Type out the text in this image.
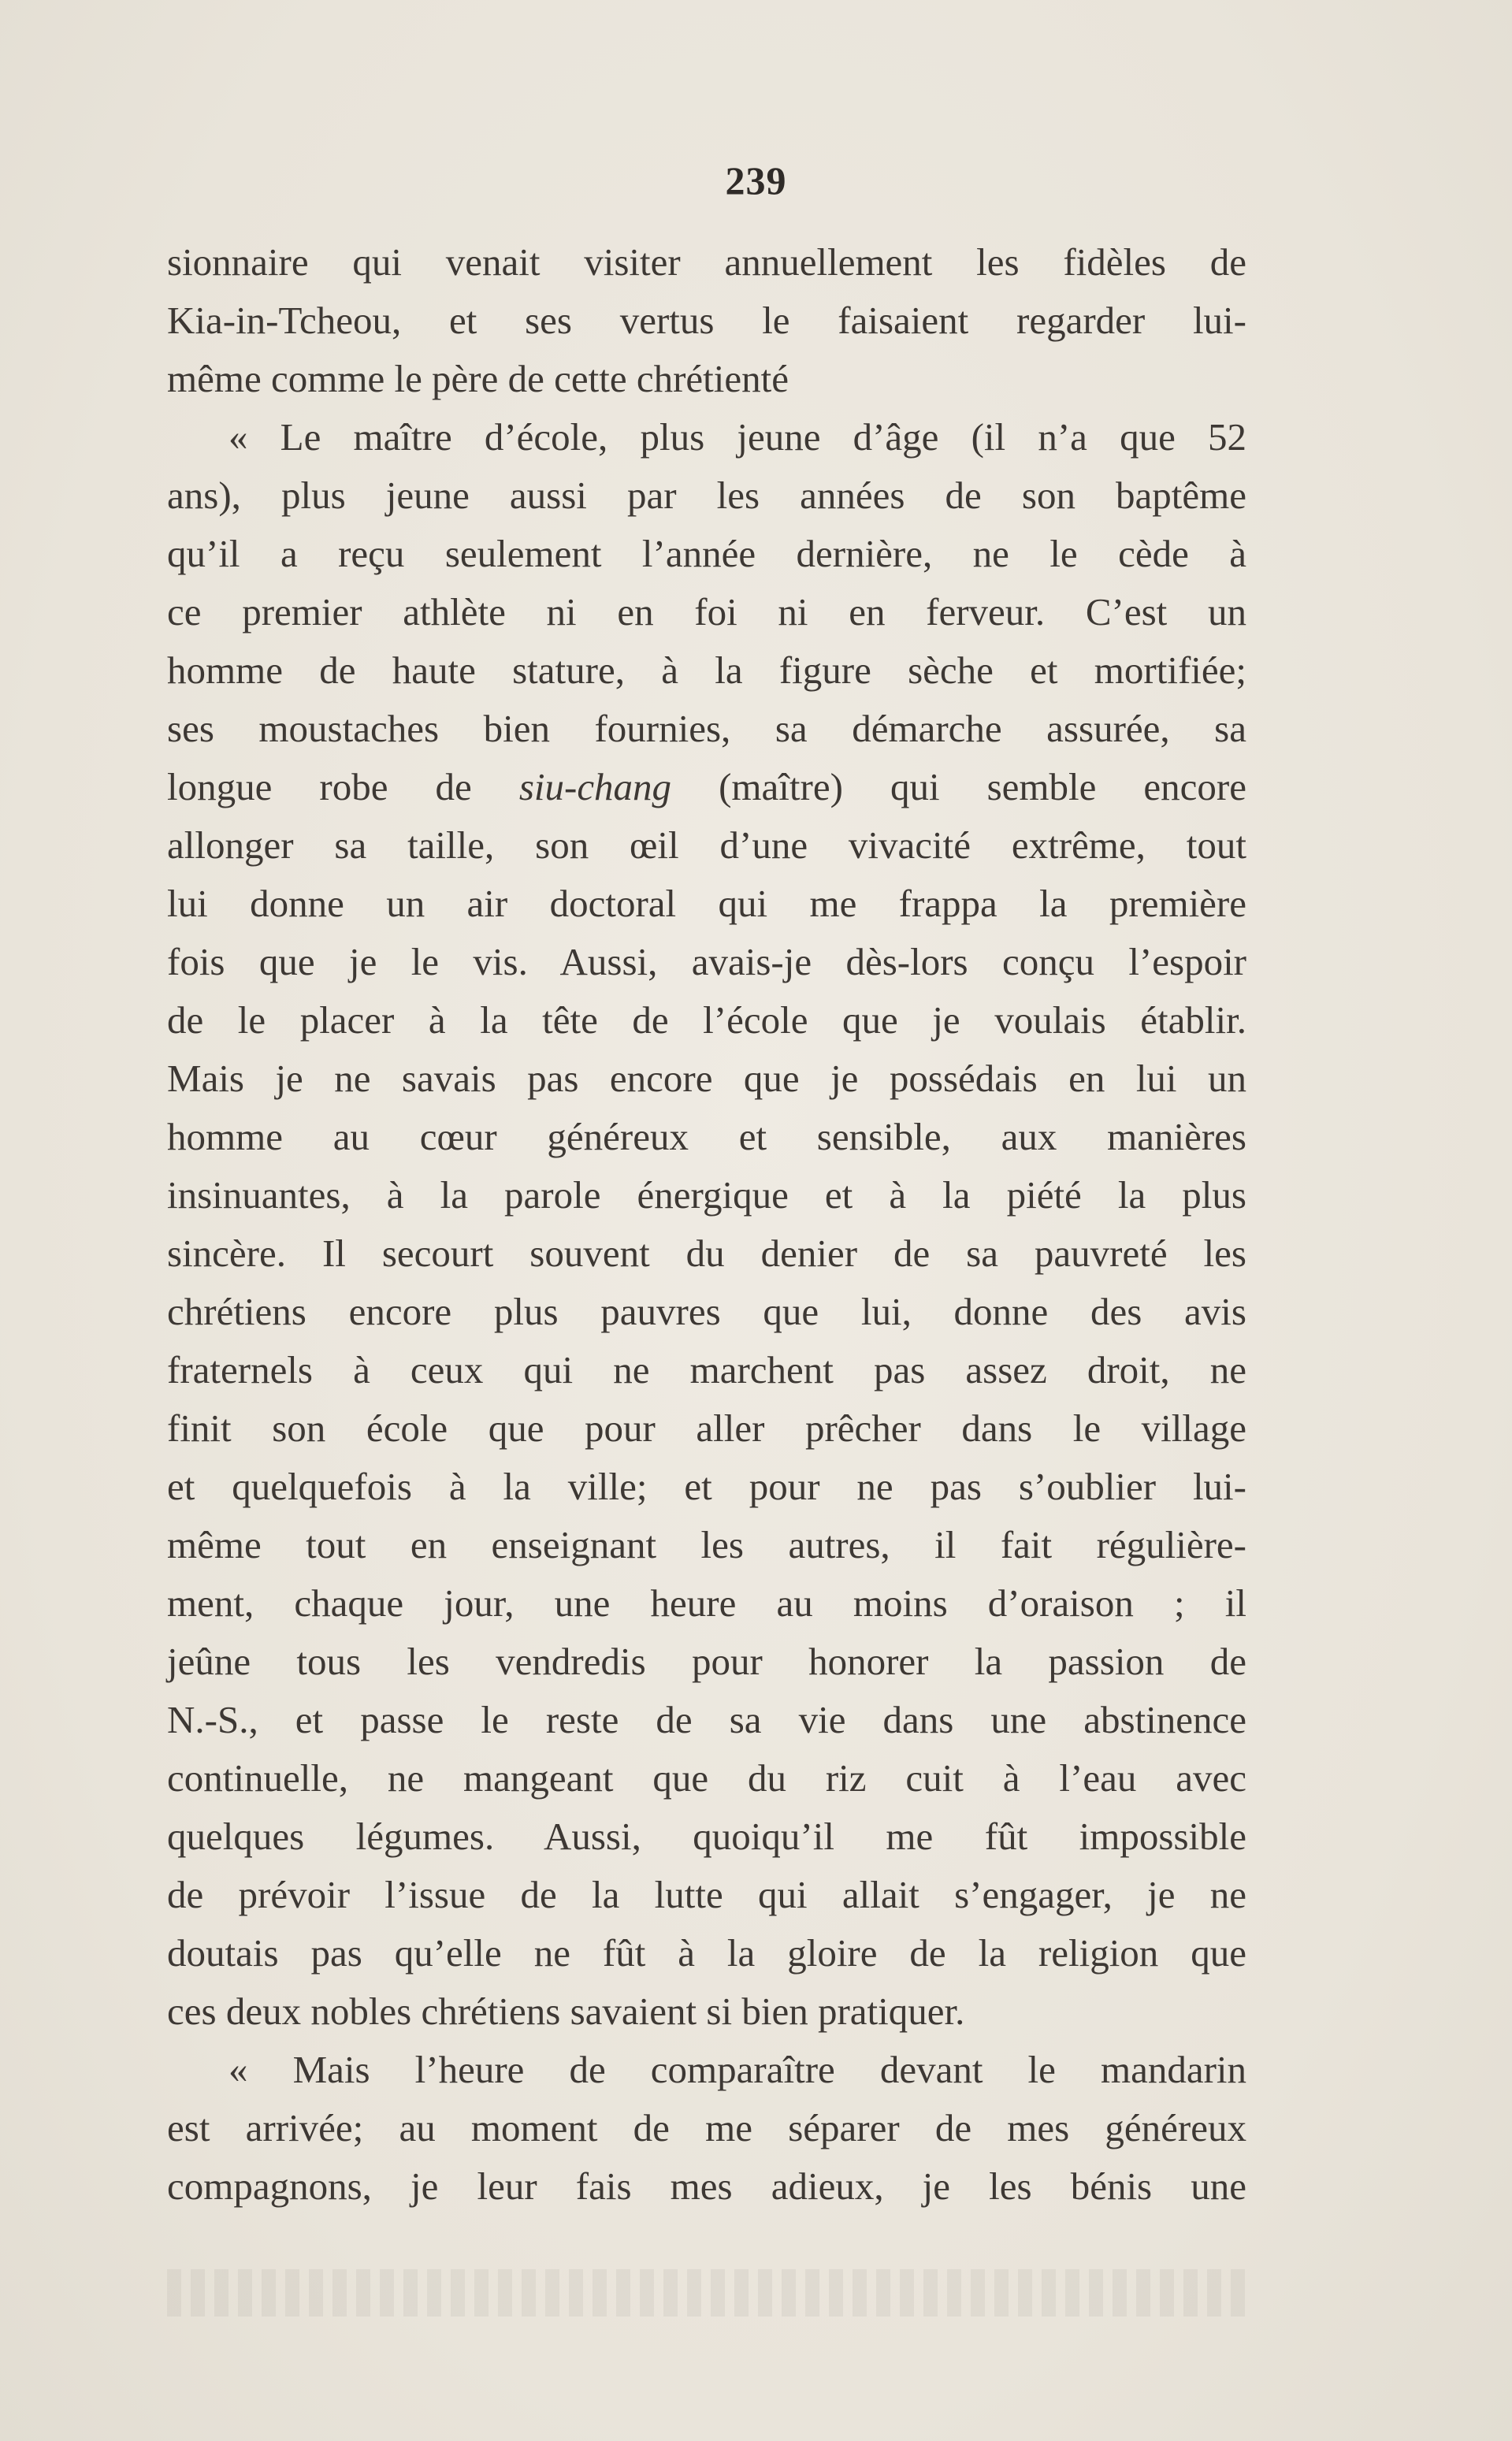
239
sionnaire qui venait visiter annuellement les fidèles de
Kia-in-Tcheou, et ses vertus le faisaient regarder lui-
même comme le père de cette chrétienté
« Le maître d’école, plus jeune d’âge (il n’a que 52
ans), plus jeune aussi par les années de son baptême
qu’il a reçu seulement l’année dernière, ne le cède à
ce premier athlète ni en foi ni en ferveur. C’est un
homme de haute stature, à la figure sèche et mortifiée;
ses moustaches bien fournies, sa démarche assurée, sa
longue robe de siu-chang (maître) qui semble encore
allonger sa taille, son œil d’une vivacité extrême, tout
lui donne un air doctoral qui me frappa la première
fois que je le vis. Aussi, avais-je dès-lors conçu l’espoir
de le placer à la tête de l’école que je voulais établir.
Mais je ne savais pas encore que je possédais en lui un
homme au cœur généreux et sensible, aux manières
insinuantes, à la parole énergique et à la piété la plus
sincère. Il secourt souvent du denier de sa pauvreté les
chrétiens encore plus pauvres que lui, donne des avis
fraternels à ceux qui ne marchent pas assez droit, ne
finit son école que pour aller prêcher dans le village
et quelquefois à la ville; et pour ne pas s’oublier lui-
même tout en enseignant les autres, il fait régulière-
ment, chaque jour, une heure au moins d’oraison ; il
jeûne tous les vendredis pour honorer la passion de
N.-S., et passe le reste de sa vie dans une abstinence
continuelle, ne mangeant que du riz cuit à l’eau avec
quelques légumes. Aussi, quoiqu’il me fût impossible
de prévoir l’issue de la lutte qui allait s’engager, je ne
doutais pas qu’elle ne fût à la gloire de la religion que
ces deux nobles chrétiens savaient si bien pratiquer.
« Mais l’heure de comparaître devant le mandarin
est arrivée; au moment de me séparer de mes généreux
compagnons, je leur fais mes adieux, je les bénis une
